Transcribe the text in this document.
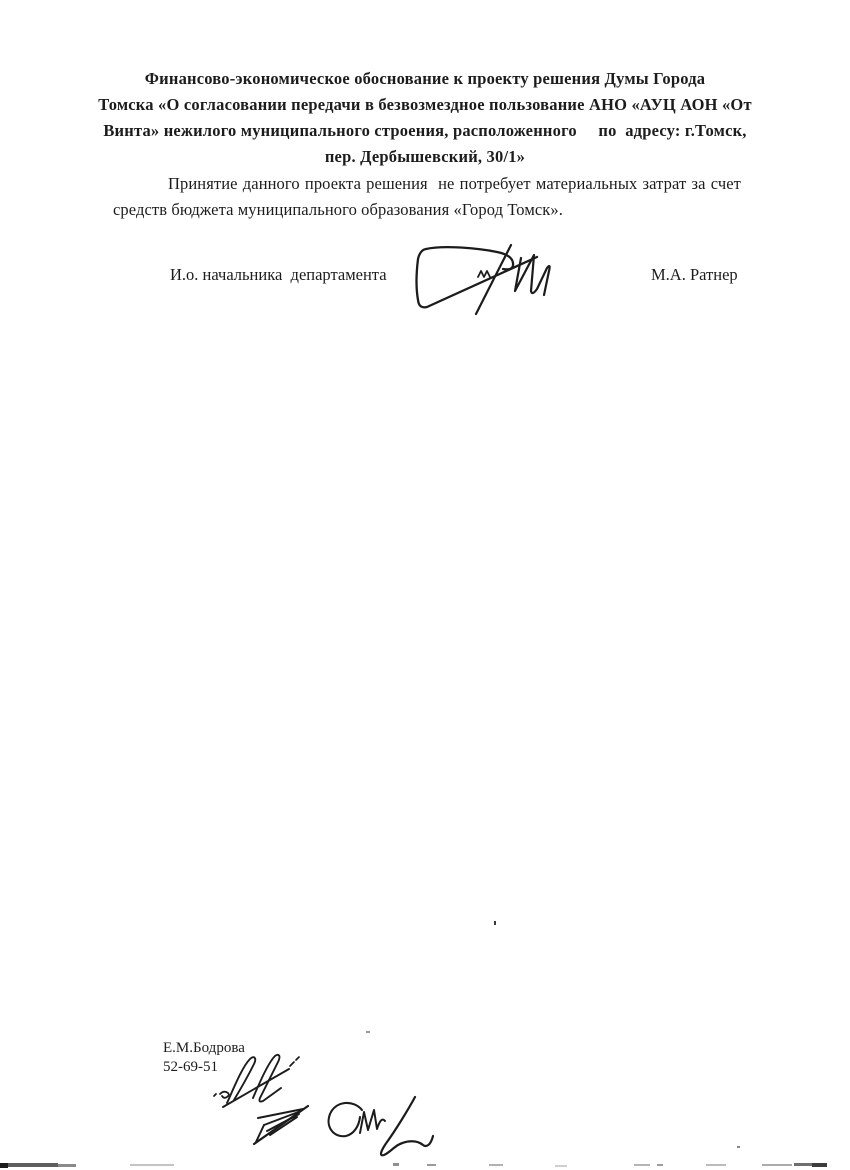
Финансово-экономическое обоснование к проекту решения Думы Города
Томска «О согласовании передачи в безвозмездное пользование АНО «АУЦ АОН «От
Винта» нежилого муниципального строения, расположенного     по  адресу: г.Томск,
пер. Дербышевский, 30/1»
Принятие данного проекта решения  не потребует материальных затрат за счет
средств бюджета муниципального образования «Город Томск».
И.о. начальника  департамента	М.А. Ратнер
Е.М.Бодрова
52-69-51
